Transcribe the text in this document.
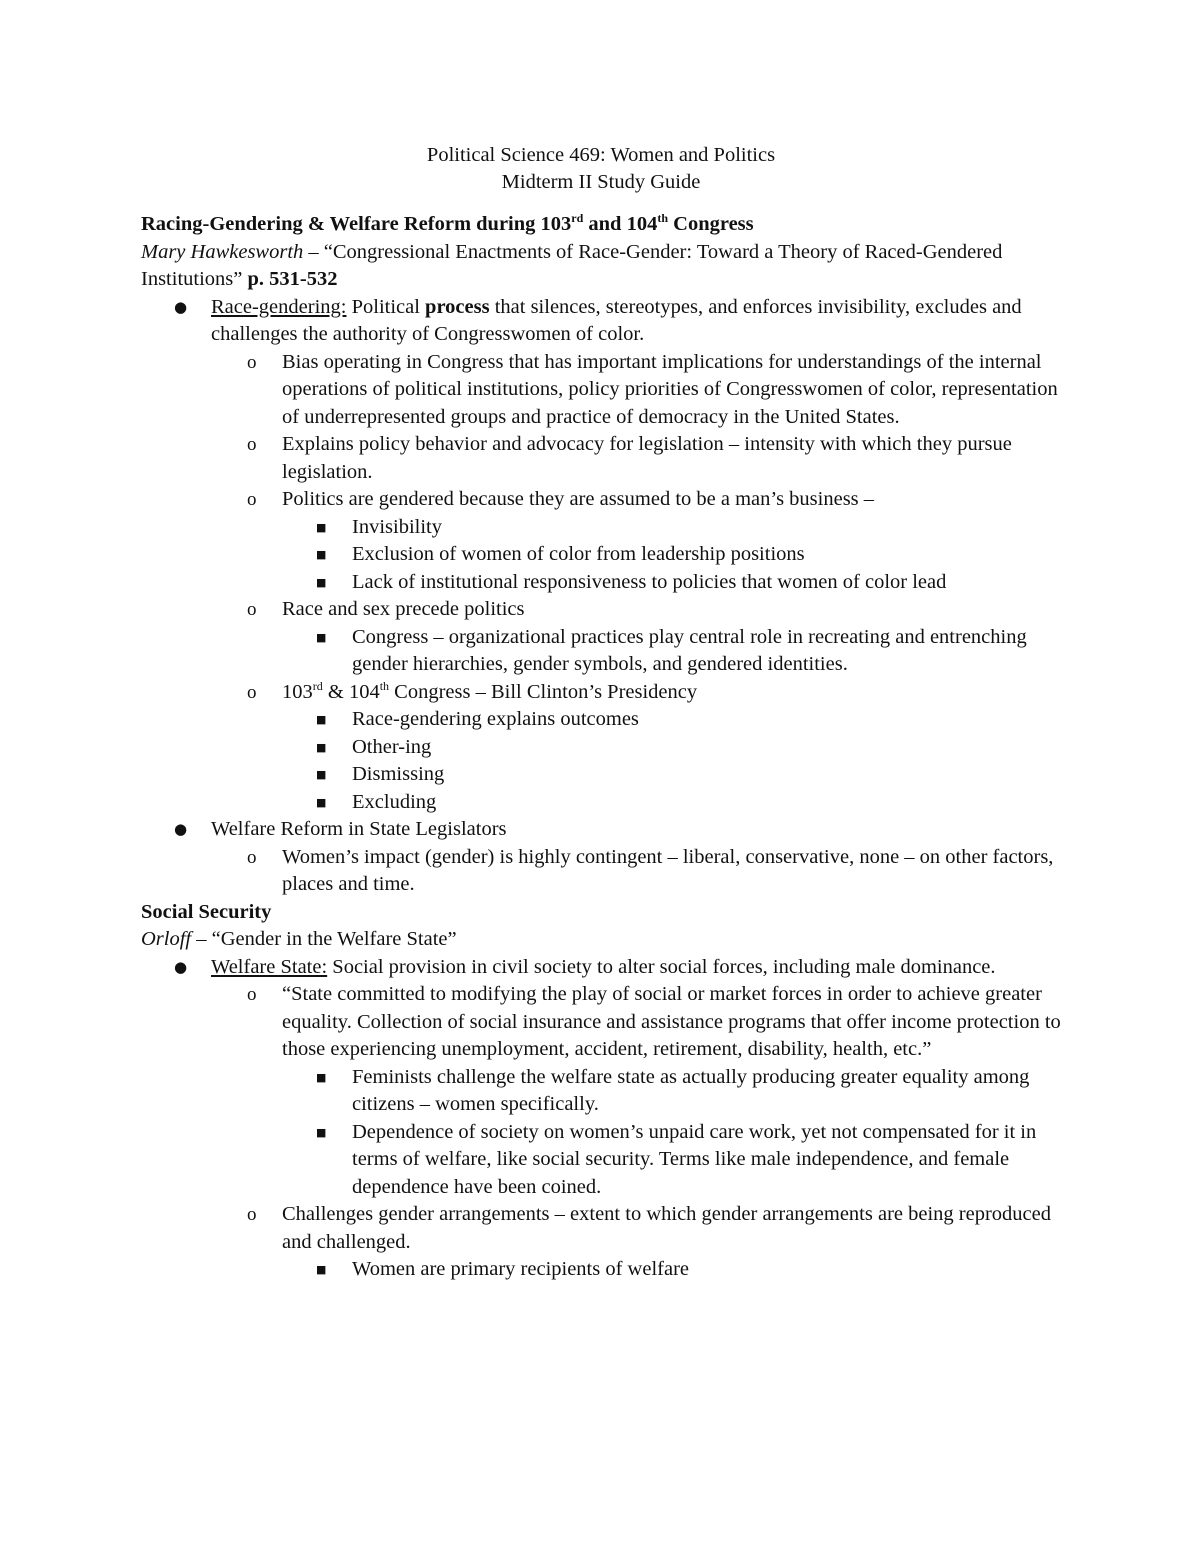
Political Science 469: Women and Politics
Midterm II Study Guide
Racing-Gendering & Welfare Reform during 103rd and 104th Congress
Mary Hawkesworth – “Congressional Enactments of Race-Gender: Toward a Theory of Raced-Gendered Institutions” p. 531-532
● Race-gendering: Political process that silences, stereotypes, and enforces invisibility, excludes and challenges the authority of Congresswomen of color.
o Bias operating in Congress that has important implications for understandings of the internal operations of political institutions, policy priorities of Congresswomen of color, representation of underrepresented groups and practice of democracy in the United States.
o Explains policy behavior and advocacy for legislation – intensity with which they pursue legislation.
o Politics are gendered because they are assumed to be a man’s business –
■ Invisibility
■ Exclusion of women of color from leadership positions
■ Lack of institutional responsiveness to policies that women of color lead
o Race and sex precede politics
■ Congress – organizational practices play central role in recreating and entrenching gender hierarchies, gender symbols, and gendered identities.
o 103rd & 104th Congress – Bill Clinton’s Presidency
■ Race-gendering explains outcomes
■ Other-ing
■ Dismissing
■ Excluding
● Welfare Reform in State Legislators
o Women’s impact (gender) is highly contingent – liberal, conservative, none – on other factors, places and time.
Social Security
Orloff – “Gender in the Welfare State”
● Welfare State: Social provision in civil society to alter social forces, including male dominance.
o “State committed to modifying the play of social or market forces in order to achieve greater equality. Collection of social insurance and assistance programs that offer income protection to those experiencing unemployment, accident, retirement, disability, health, etc.”
■ Feminists challenge the welfare state as actually producing greater equality among citizens – women specifically.
■ Dependence of society on women’s unpaid care work, yet not compensated for it in terms of welfare, like social security. Terms like male independence, and female dependence have been coined.
o Challenges gender arrangements – extent to which gender arrangements are being reproduced and challenged.
■ Women are primary recipients of welfare
